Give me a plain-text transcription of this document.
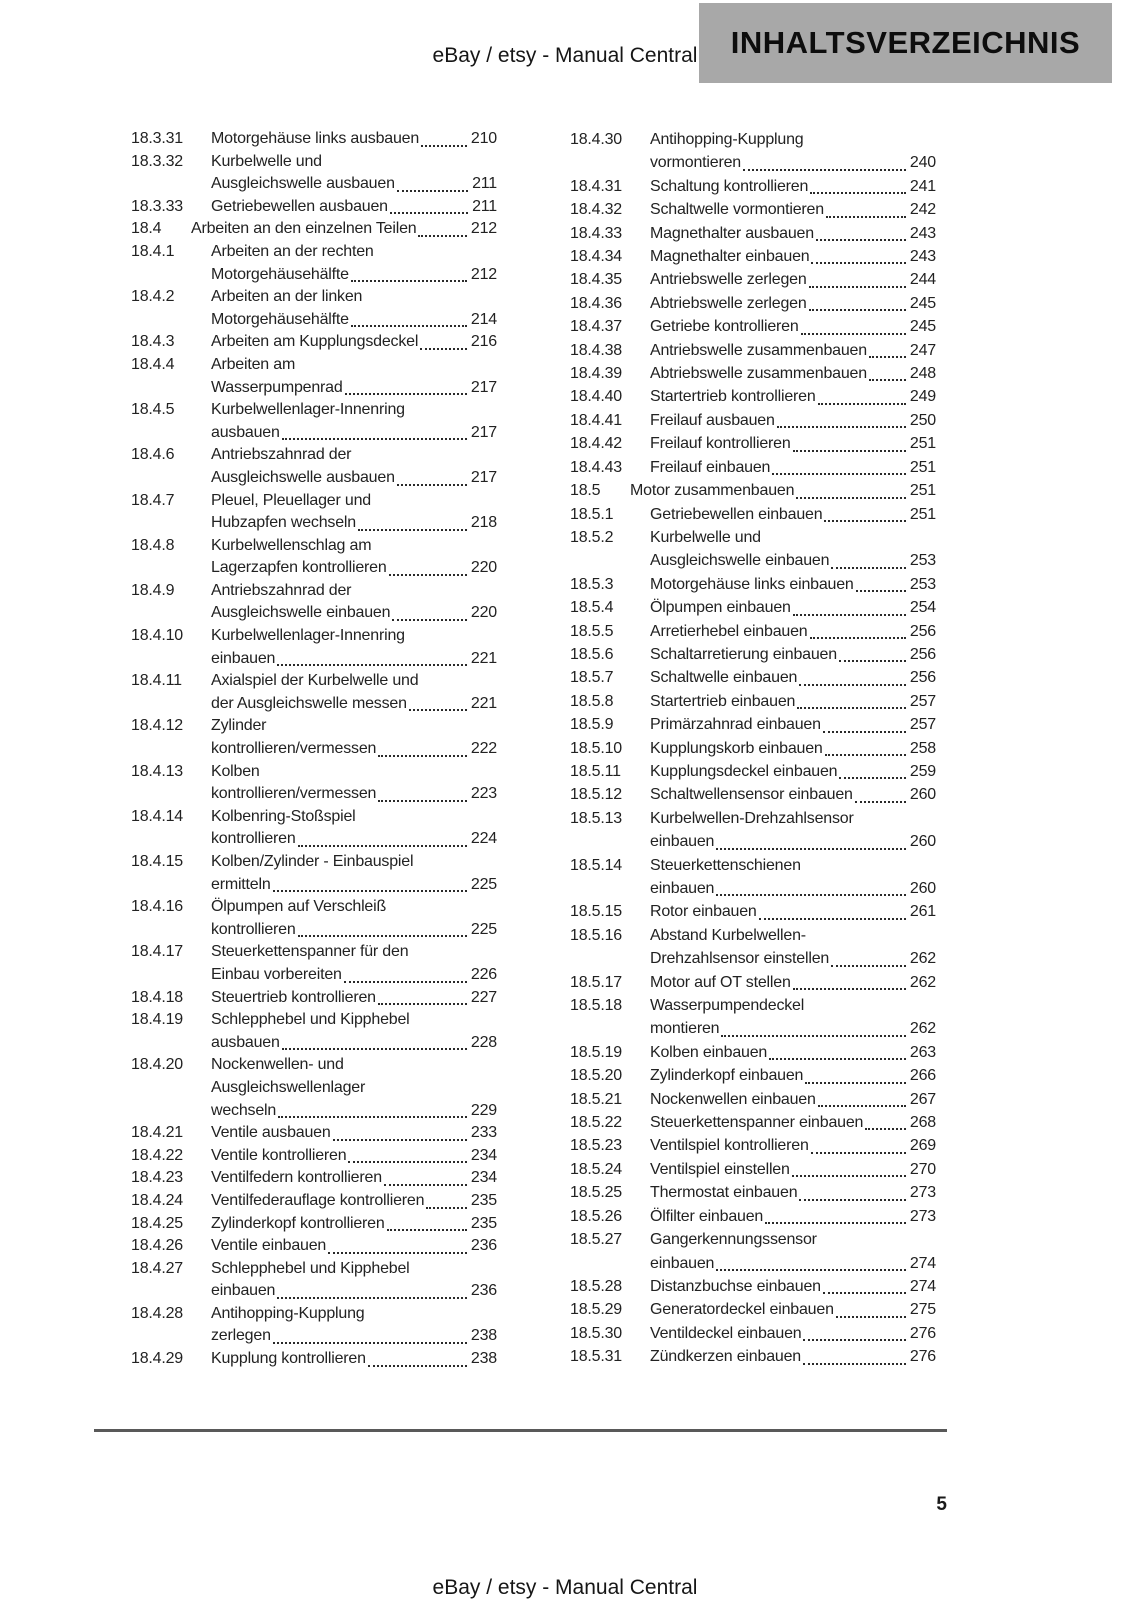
eBay / etsy - Manual Central	INHALTSVERZEICHNIS
18.3.31	Motorgehäuse links ausbauen	210
18.3.32	Kurbelwelle und
Ausgleichswelle ausbauen	211
18.3.33	Getriebewellen ausbauen	211
18.4	Arbeiten an den einzelnen Teilen	212
18.4.1	Arbeiten an der rechten
Motorgehäusehälfte	212
18.4.2	Arbeiten an der linken
Motorgehäusehälfte	214
18.4.3	Arbeiten am Kupplungsdeckel	216
18.4.4	Arbeiten am
Wasserpumpenrad	217
18.4.5	Kurbelwellenlager-Innenring
ausbauen	217
18.4.6	Antriebszahnrad der
Ausgleichswelle ausbauen	217
18.4.7	Pleuel, Pleuellager und
Hubzapfen wechseln	218
18.4.8	Kurbelwellenschlag am
Lagerzapfen kontrollieren	220
18.4.9	Antriebszahnrad der
Ausgleichswelle einbauen	220
18.4.10	Kurbelwellenlager-Innenring
einbauen	221
18.4.11	Axialspiel der Kurbelwelle und
der Ausgleichswelle messen	221
18.4.12	Zylinder
kontrollieren/vermessen	222
18.4.13	Kolben
kontrollieren/vermessen	223
18.4.14	Kolbenring-Stoßspiel
kontrollieren	224
18.4.15	Kolben/Zylinder - Einbauspiel
ermitteln	225
18.4.16	Ölpumpen auf Verschleiß
kontrollieren	225
18.4.17	Steuerkettenspanner für den
Einbau vorbereiten	226
18.4.18	Steuertrieb kontrollieren	227
18.4.19	Schlepphebel und Kipphebel
ausbauen	228
18.4.20	Nockenwellen- und
Ausgleichswellenlager
wechseln	229
18.4.21	Ventile ausbauen	233
18.4.22	Ventile kontrollieren	234
18.4.23	Ventilfedern kontrollieren	234
18.4.24	Ventilfederauflage kontrollieren	235
18.4.25	Zylinderkopf kontrollieren	235
18.4.26	Ventile einbauen	236
18.4.27	Schlepphebel und Kipphebel
einbauen	236
18.4.28	Antihopping-Kupplung
zerlegen	238
18.4.29	Kupplung kontrollieren	238
18.4.30	Antihopping-Kupplung
vormontieren	240
18.4.31	Schaltung kontrollieren	241
18.4.32	Schaltwelle vormontieren	242
18.4.33	Magnethalter ausbauen	243
18.4.34	Magnethalter einbauen	243
18.4.35	Antriebswelle zerlegen	244
18.4.36	Abtriebswelle zerlegen	245
18.4.37	Getriebe kontrollieren	245
18.4.38	Antriebswelle zusammenbauen	247
18.4.39	Abtriebswelle zusammenbauen	248
18.4.40	Startertrieb kontrollieren	249
18.4.41	Freilauf ausbauen	250
18.4.42	Freilauf kontrollieren	251
18.4.43	Freilauf einbauen	251
18.5	Motor zusammenbauen	251
18.5.1	Getriebewellen einbauen	251
18.5.2	Kurbelwelle und
Ausgleichswelle einbauen	253
18.5.3	Motorgehäuse links einbauen	253
18.5.4	Ölpumpen einbauen	254
18.5.5	Arretierhebel einbauen	256
18.5.6	Schaltarretierung einbauen	256
18.5.7	Schaltwelle einbauen	256
18.5.8	Startertrieb einbauen	257
18.5.9	Primärzahnrad einbauen	257
18.5.10	Kupplungskorb einbauen	258
18.5.11	Kupplungsdeckel einbauen	259
18.5.12	Schaltwellensensor einbauen	260
18.5.13	Kurbelwellen-Drehzahlsensor
einbauen	260
18.5.14	Steuerkettenschienen
einbauen	260
18.5.15	Rotor einbauen	261
18.5.16	Abstand Kurbelwellen-
Drehzahlsensor einstellen	262
18.5.17	Motor auf OT stellen	262
18.5.18	Wasserpumpendeckel
montieren	262
18.5.19	Kolben einbauen	263
18.5.20	Zylinderkopf einbauen	266
18.5.21	Nockenwellen einbauen	267
18.5.22	Steuerkettenspanner einbauen	268
18.5.23	Ventilspiel kontrollieren	269
18.5.24	Ventilspiel einstellen	270
18.5.25	Thermostat einbauen	273
18.5.26	Ölfilter einbauen	273
18.5.27	Gangerkennungssensor
einbauen	274
18.5.28	Distanzbuchse einbauen	274
18.5.29	Generatordeckel einbauen	275
18.5.30	Ventildeckel einbauen	276
18.5.31	Zündkerzen einbauen	276
5
eBay / etsy - Manual Central
